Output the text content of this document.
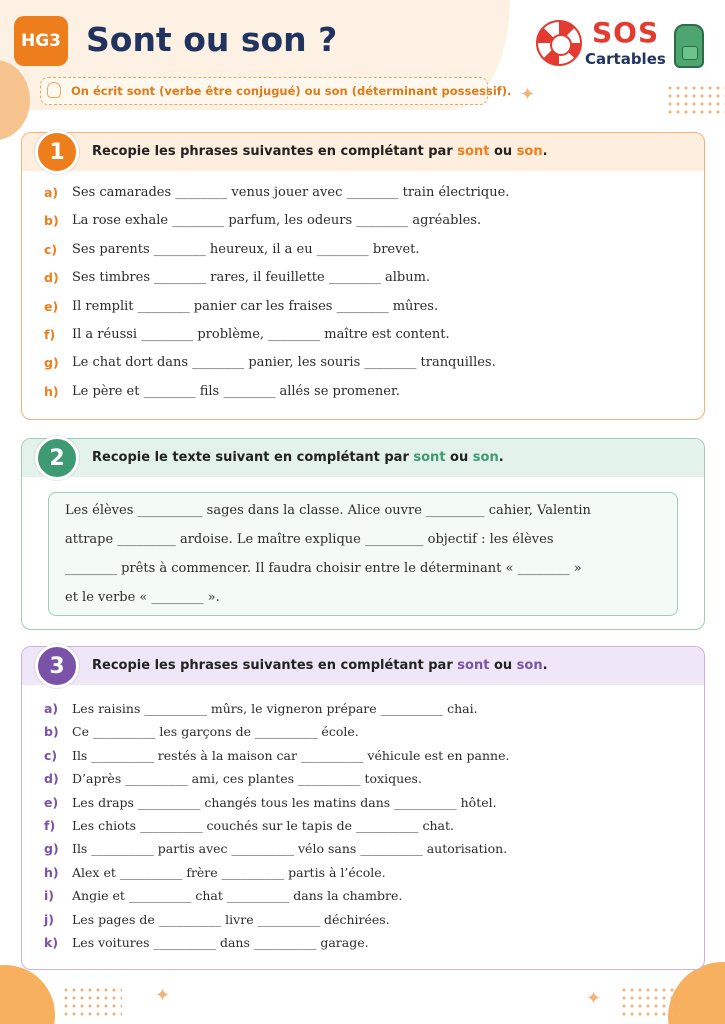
✦
✦	✦
HG3 Sont ou son ?
On écrit sont (verbe être conjugué) ou son (déterminant possessif).
SOS
Cartables
1	Recopie les phrases suivantes en complétant par sont ou son.
a) Ses camarades ________ venus jouer avec ________ train électrique.
b) La rose exhale ________ parfum, les odeurs ________ agréables.
c) Ses parents ________ heureux, il a eu ________ brevet.
d) Ses timbres ________ rares, il feuillette ________ album.
e) Il remplit ________ panier car les fraises ________ mûres.
f) Il a réussi ________ problème, ________ maître est content.
g) Le chat dort dans ________ panier, les souris ________ tranquilles.
h) Le père et ________ fils ________ allés se promener.
2	Recopie le texte suivant en complétant par sont ou son.
Les élèves __________ sages dans la classe. Alice ouvre _________ cahier, Valentin
attrape _________ ardoise. Le maître explique _________ objectif : les élèves
________ prêts à commencer. Il faudra choisir entre le déterminant « ________ »
et le verbe « ________ ».
3	Recopie les phrases suivantes en complétant par sont ou son.
a) Les raisins __________ mûrs, le vigneron prépare __________ chai.
b) Ce __________ les garçons de __________ école.
c) Ils __________ restés à la maison car __________ véhicule est en panne.
d) D’après __________ ami, ces plantes __________ toxiques.
e) Les draps __________ changés tous les matins dans __________ hôtel.
f) Les chiots __________ couchés sur le tapis de __________ chat.
g) Ils __________ partis avec __________ vélo sans __________ autorisation.
h) Alex et __________ frère __________ partis à l’école.
i) Angie et __________ chat __________ dans la chambre.
j) Les pages de __________ livre __________ déchirées.
k) Les voitures __________ dans __________ garage.
